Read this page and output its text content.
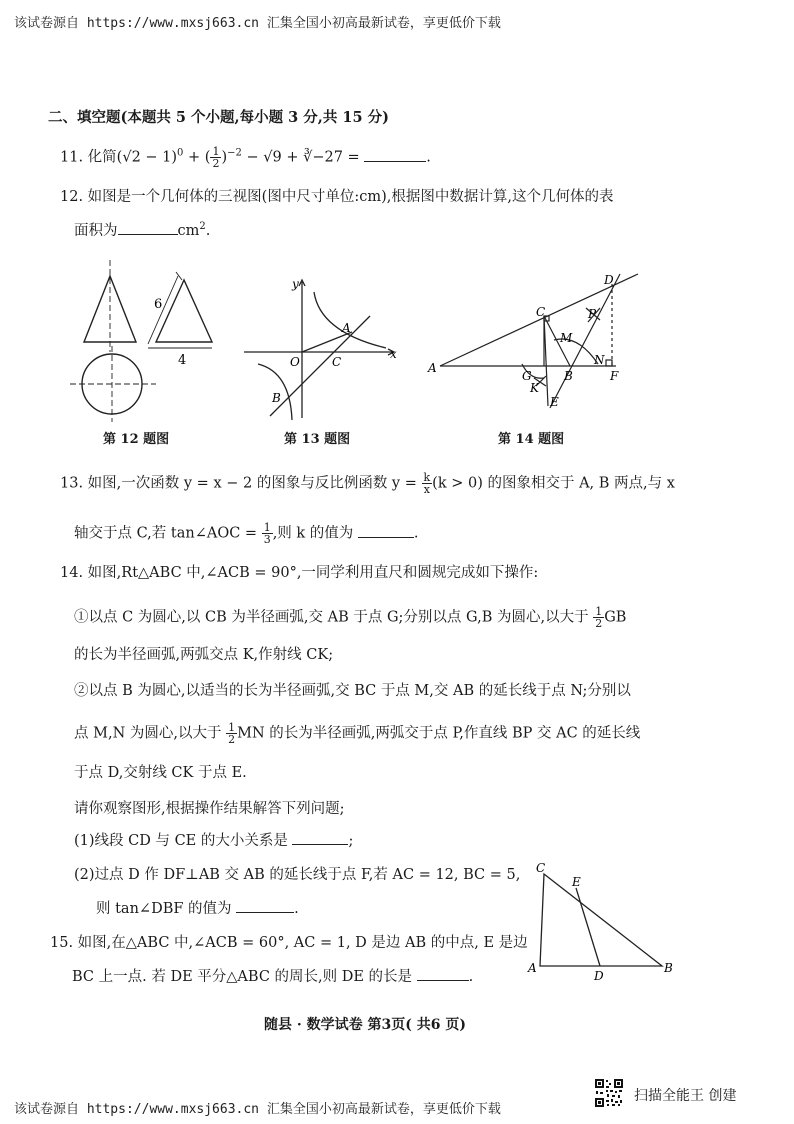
该试卷源自 https://www.mxsj663.cn 汇集全国小初高最新试卷，享更低价下载
二、填空题(本题共 5 个小题,每小题 3 分,共 15 分)
11. 化简$(√2 - 1)^0$ + ( $\frac{1}{2} )^{-2} - √9$ + ∛−27 =	.
12. 如图是一个几何体的三视图(图中尺寸单位:cm),根据图中数据计算,这个几何体的表
面积为	$cm^2$.
6
4
第 12 题图
y
x
O
A
C
B
第 13 题图
A
B
C
D
E
F
G
K
M
N
P
第 14 题图
13. 如图,一次函数 y = x − 2 的图象与反比例函数 $y = \frac{k}{x} (k > 0)$ 的图象相交于 A, B 两点,与 x
轴交于点 C,若 tan∠AOC = $\frac{1}{3}$ ,则 k 的值为	.
14. 如图,Rt△ABC 中,∠ACB = 90°,一同学利用直尺和圆规完成如下操作:
①以点 C 为圆心,以 CB 为半径画弧,交 AB 于点 G;分别以点 G,B 为圆心,以大于 $\frac{1}{2}$ GB
的长为半径画弧,两弧交点 K,作射线 CK;
②以点 B 为圆心,以适当的长为半径画弧,交 BC 于点 M,交 AB 的延长线于点 N;分别以
点 M,N 为圆心,以大于 $\frac{1}{2}$ MN 的长为半径画弧,两弧交于点 P,作直线 BP 交 AC 的延长线
于点 D,交射线 CK 于点 E.
请你观察图形,根据操作结果解答下列问题;
(1)线段 CD 与 CE 的大小关系是	;
(2)过点 D 作 DF⊥AB 交 AB 的延长线于点 F,若 AC = 12, BC = 5,
则 tan∠DBF 的值为	.
C
A	B
D
E
15. 如图,在△ABC 中,∠ACB = 60°, AC = 1, D 是边 AB 的中点, E 是边
BC 上一点. 若 DE 平分△ABC 的周长,则 DE 的长是	.
随县 · 数学试卷 第3页( 共6 页)
该试卷源自 https://www.mxsj663.cn 汇集全国小初高最新试卷，享更低价下载
扫描全能王 创建
